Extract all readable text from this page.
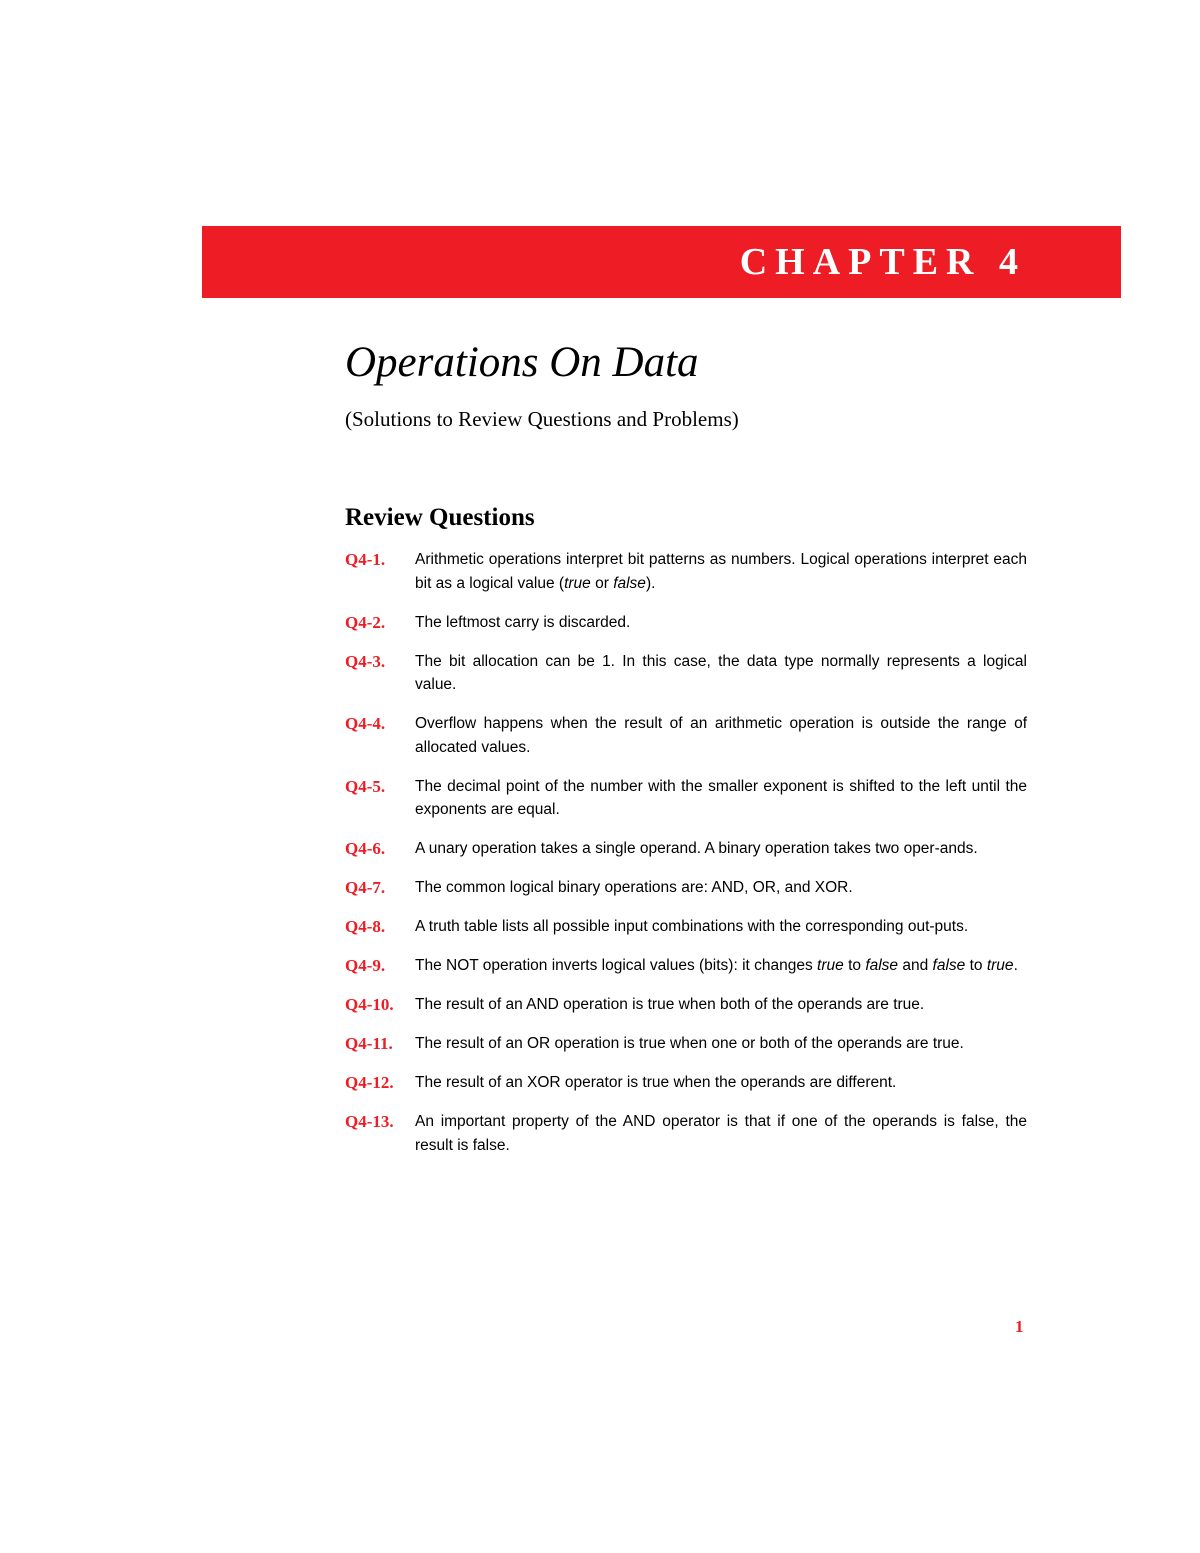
CHAPTER 4
Operations On Data
(Solutions to Review Questions and Problems)
Review Questions
Q4-1.	Arithmetic operations interpret bit patterns as numbers. Logical operations interpret each bit as a logical value (true or false).
Q4-2.	The leftmost carry is discarded.
Q4-3.	The bit allocation can be 1. In this case, the data type normally represents a logical value.
Q4-4.	Overflow happens when the result of an arithmetic operation is outside the range of allocated values.
Q4-5.	The decimal point of the number with the smaller exponent is shifted to the left until the exponents are equal.
Q4-6.	A unary operation takes a single operand. A binary operation takes two oper-ands.
Q4-7.	The common logical binary operations are: AND, OR, and XOR.
Q4-8.	A truth table lists all possible input combinations with the corresponding out-puts.
Q4-9.	The NOT operation inverts logical values (bits): it changes true to false and false to true.
Q4-10.	The result of an AND operation is true when both of the operands are true.
Q4-11.	The result of an OR operation is true when one or both of the operands are true.
Q4-12.	The result of an XOR operator is true when the operands are different.
Q4-13.	An important property of the AND operator is that if one of the operands is false, the result is false.
1
